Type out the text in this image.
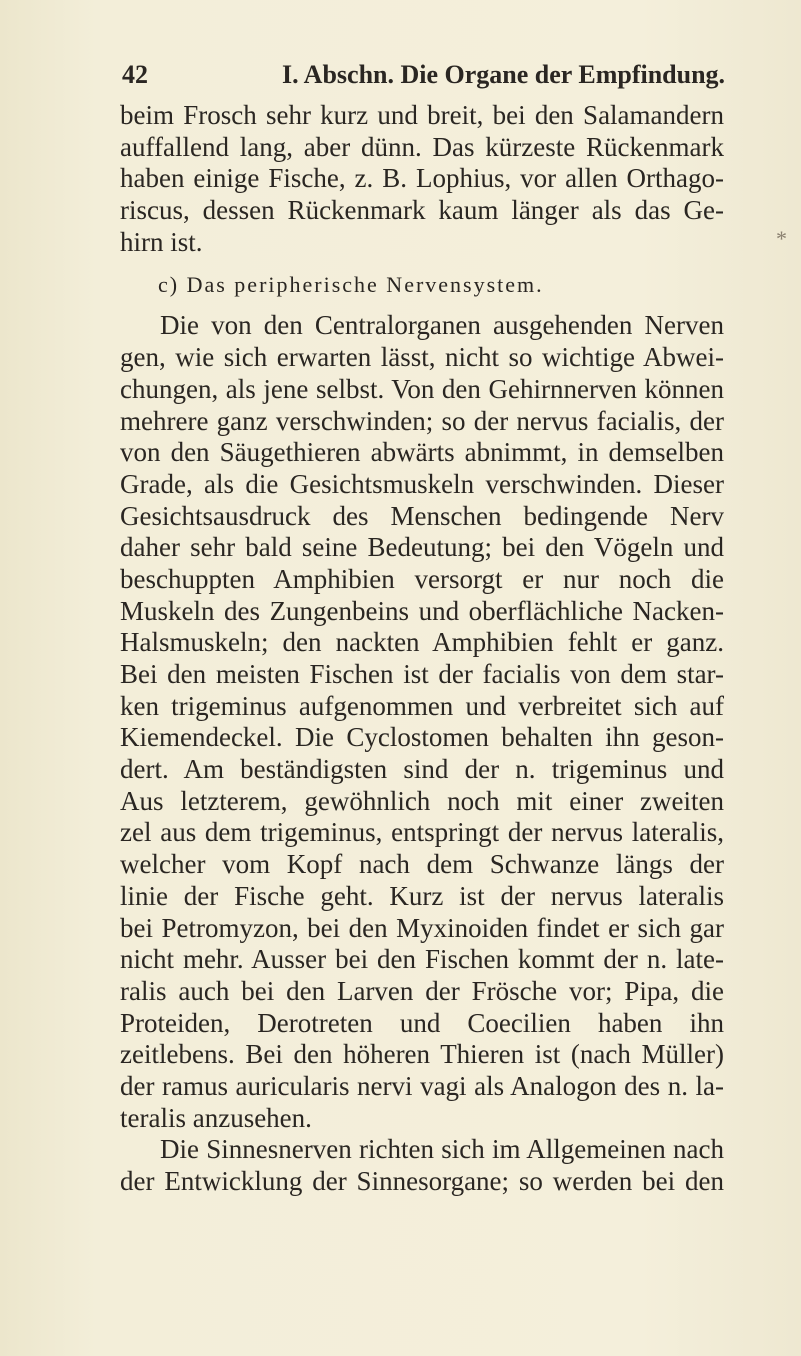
42	I. Abschn. Die Organe der Empfindung.
*
beim Frosch sehr kurz und breit, bei den Salamandern
auffallend lang, aber dünn. Das kürzeste Rückenmark
haben einige Fische, z. B. Lophius, vor allen Orthago-
riscus, dessen Rückenmark kaum länger als das Ge-
hirn ist.
c) Das peripherische Nervensystem.
Die von den Centralorganen ausgehenden Nerven
gen, wie sich erwarten lässt, nicht so wichtige Abwei-
chungen, als jene selbst. Von den Gehirnnerven können
mehrere ganz verschwinden; so der nervus facialis, der
von den Säugethieren abwärts abnimmt, in demselben
Grade, als die Gesichtsmuskeln verschwinden. Dieser
Gesichtsausdruck des Menschen bedingende Nerv
daher sehr bald seine Bedeutung; bei den Vögeln und
beschuppten Amphibien versorgt er nur noch die
Muskeln des Zungenbeins und oberflächliche Nacken-
Halsmuskeln; den nackten Amphibien fehlt er ganz.
Bei den meisten Fischen ist der facialis von dem star-
ken trigeminus aufgenommen und verbreitet sich auf
Kiemendeckel. Die Cyclostomen behalten ihn geson-
dert. Am beständigsten sind der n. trigeminus und
Aus letzterem, gewöhnlich noch mit einer zweiten
zel aus dem trigeminus, entspringt der nervus lateralis,
welcher vom Kopf nach dem Schwanze längs der
linie der Fische geht. Kurz ist der nervus lateralis
bei Petromyzon, bei den Myxinoiden findet er sich gar
nicht mehr. Ausser bei den Fischen kommt der n. late-
ralis auch bei den Larven der Frösche vor; Pipa, die
Proteiden, Derotreten und Coecilien haben ihn
zeitlebens. Bei den höheren Thieren ist (nach Müller)
der ramus auricularis nervi vagi als Analogon des n. la-
teralis anzusehen.
Die Sinnesnerven richten sich im Allgemeinen nach
der Entwicklung der Sinnesorgane; so werden bei den
